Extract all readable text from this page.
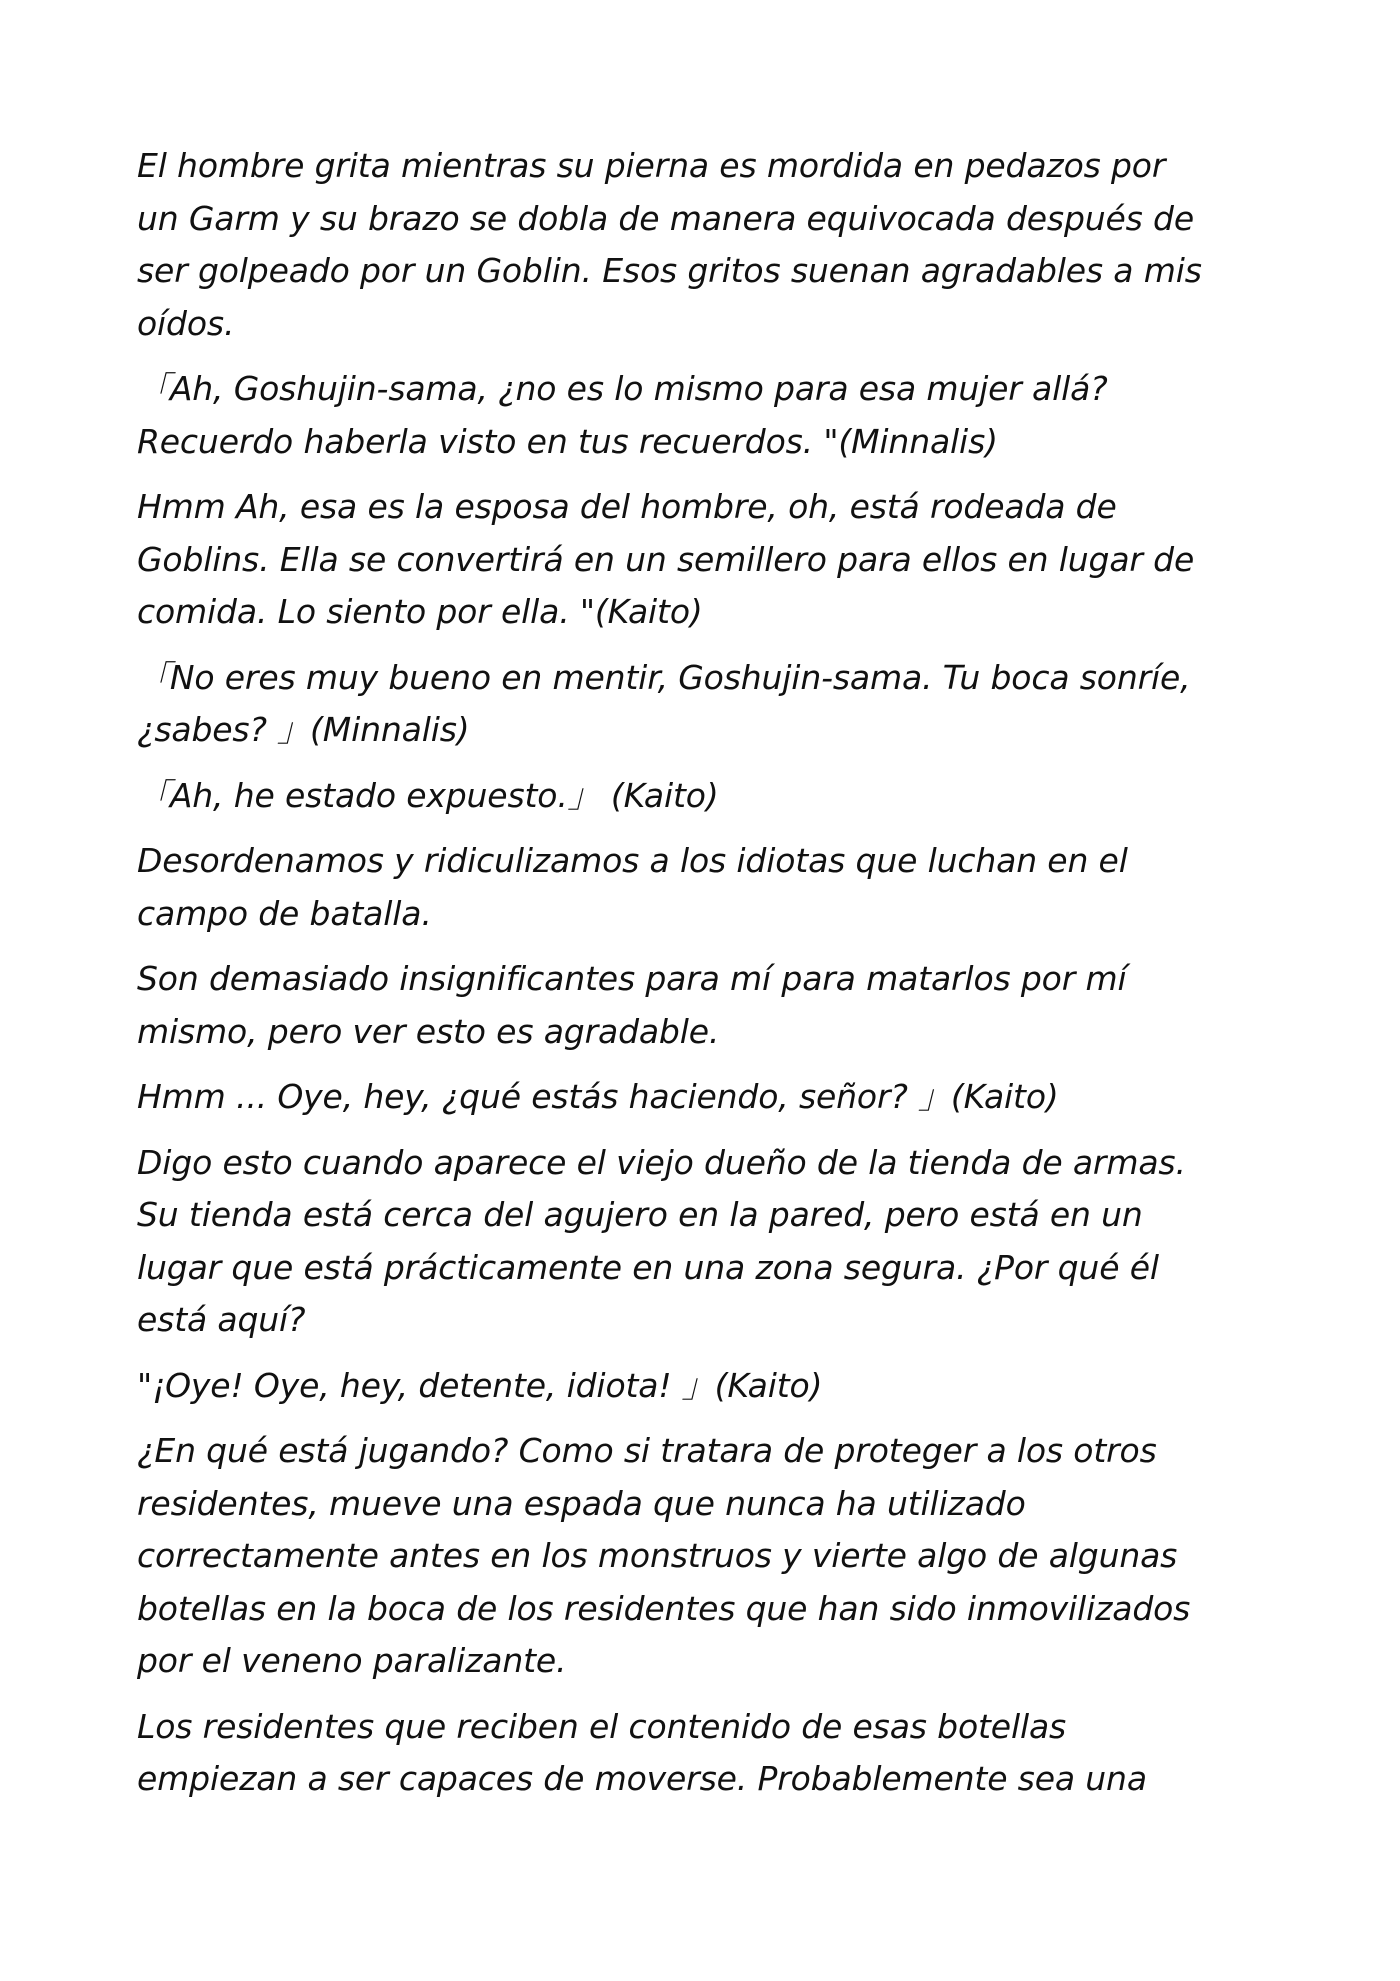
El hombre grita mientras su pierna es mordida en pedazos por
un Garm y su brazo se dobla de manera equivocada después de
ser golpeado por un Goblin. Esos gritos suenan agradables a mis
oídos.

「Ah, Goshujin-sama, ¿no es lo mismo para esa mujer allá?
Recuerdo haberla visto en tus recuerdos. "(Minnalis)

Hmm Ah, esa es la esposa del hombre, oh, está rodeada de
Goblins. Ella se convertirá en un semillero para ellos en lugar de
comida. Lo siento por ella. "(Kaito)

「No eres muy bueno en mentir, Goshujin-sama. Tu boca sonríe,
¿sabes? 」(Minnalis)

「Ah, he estado expuesto.」 (Kaito)

Desordenamos y ridiculizamos a los idiotas que luchan en el
campo de batalla.

Son demasiado insignificantes para mí para matarlos por mí
mismo, pero ver esto es agradable.

Hmm ... Oye, hey, ¿qué estás haciendo, señor? 」(Kaito)

Digo esto cuando aparece el viejo dueño de la tienda de armas.
Su tienda está cerca del agujero en la pared, pero está en un
lugar que está prácticamente en una zona segura. ¿Por qué él
está aquí?

"¡Oye! Oye, hey, detente, idiota! 」(Kaito)

¿En qué está jugando? Como si tratara de proteger a los otros
residentes, mueve una espada que nunca ha utilizado
correctamente antes en los monstruos y vierte algo de algunas
botellas en la boca de los residentes que han sido inmovilizados
por el veneno paralizante.

Los residentes que reciben el contenido de esas botellas
empiezan a ser capaces de moverse. Probablemente sea una
